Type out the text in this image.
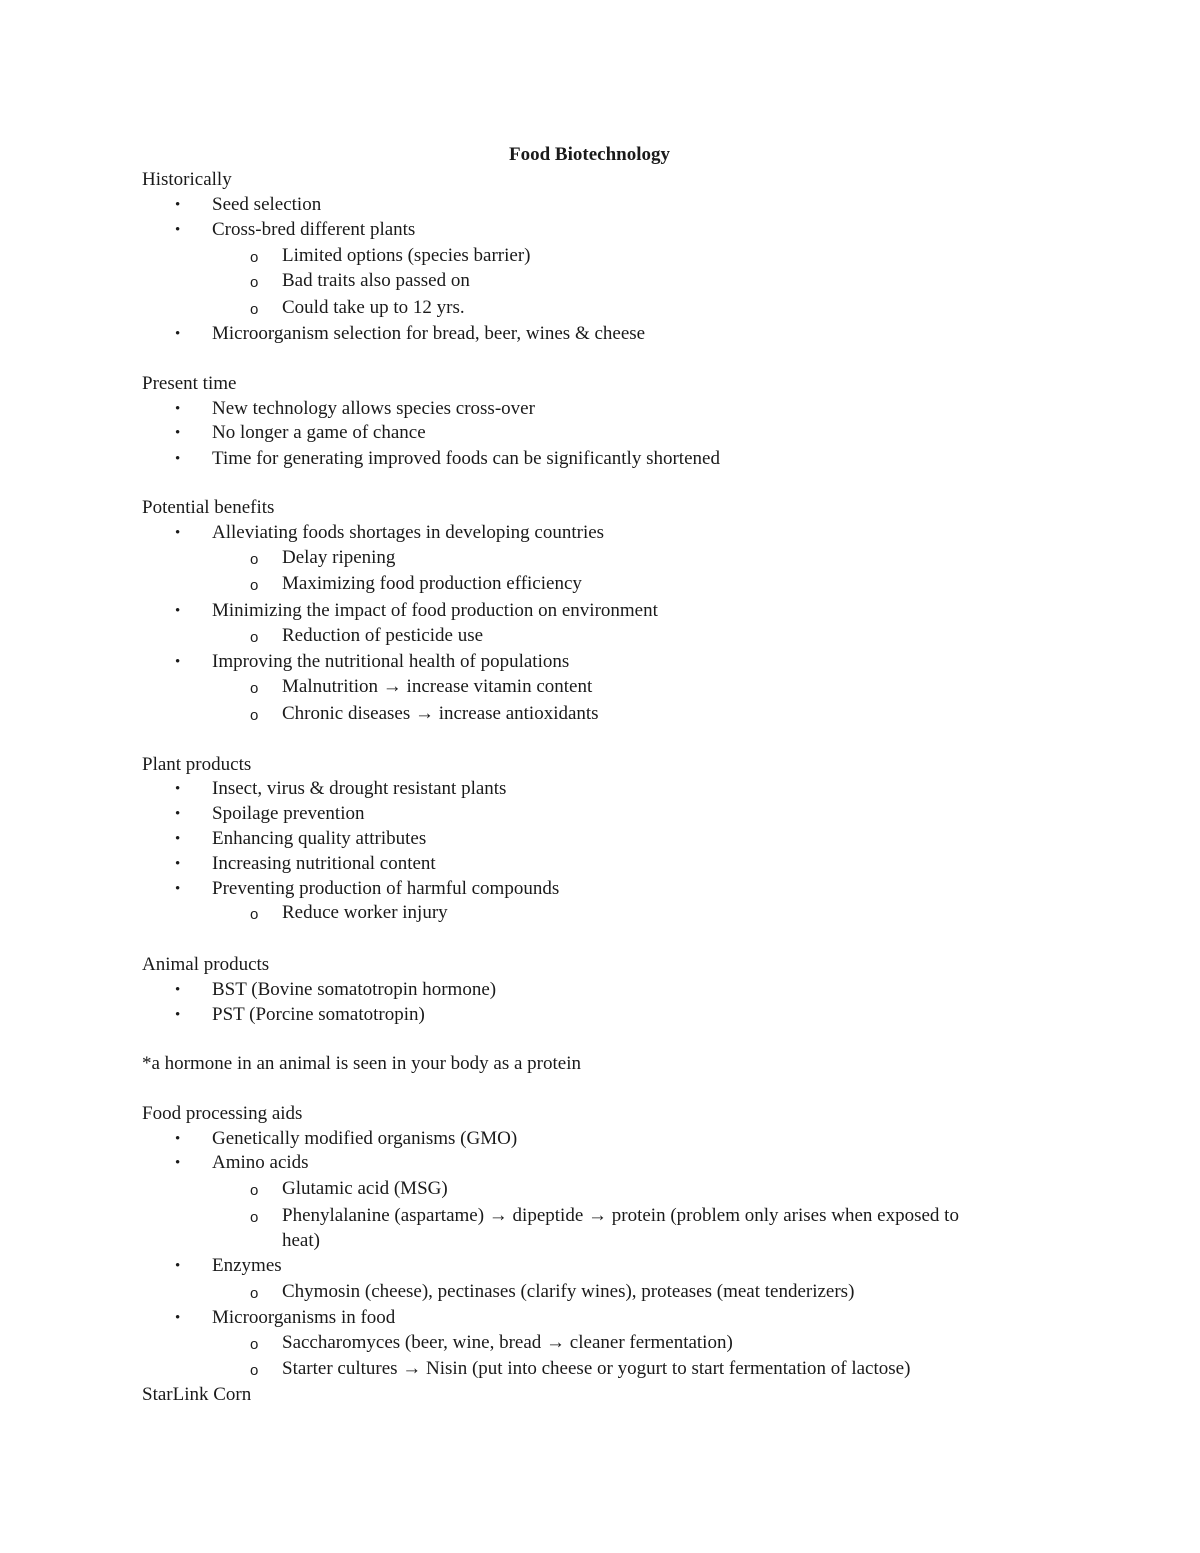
Food Biotechnology
Historically
• Seed selection
• Cross-bred different plants
o Limited options (species barrier)
o Bad traits also passed on
o Could take up to 12 yrs.
• Microorganism selection for bread, beer, wines & cheese
Present time
• New technology allows species cross-over
• No longer a game of chance
• Time for generating improved foods can be significantly shortened
Potential benefits
• Alleviating foods shortages in developing countries
o Delay ripening
o Maximizing food production efficiency
• Minimizing the impact of food production on environment
o Reduction of pesticide use
• Improving the nutritional health of populations
o Malnutrition → increase vitamin content
o Chronic diseases → increase antioxidants
Plant products
• Insect, virus & drought resistant plants
• Spoilage prevention
• Enhancing quality attributes
• Increasing nutritional content
• Preventing production of harmful compounds
o Reduce worker injury
Animal products
• BST (Bovine somatotropin hormone)
• PST (Porcine somatotropin)
*a hormone in an animal is seen in your body as a protein
Food processing aids
• Genetically modified organisms (GMO)
• Amino acids
o Glutamic acid (MSG)
o Phenylalanine (aspartame) → dipeptide → protein (problem only arises when exposed to
heat)
• Enzymes
o Chymosin (cheese), pectinases (clarify wines), proteases (meat tenderizers)
• Microorganisms in food
o Saccharomyces (beer, wine, bread → cleaner fermentation)
o Starter cultures → Nisin (put into cheese or yogurt to start fermentation of lactose)
StarLink Corn
